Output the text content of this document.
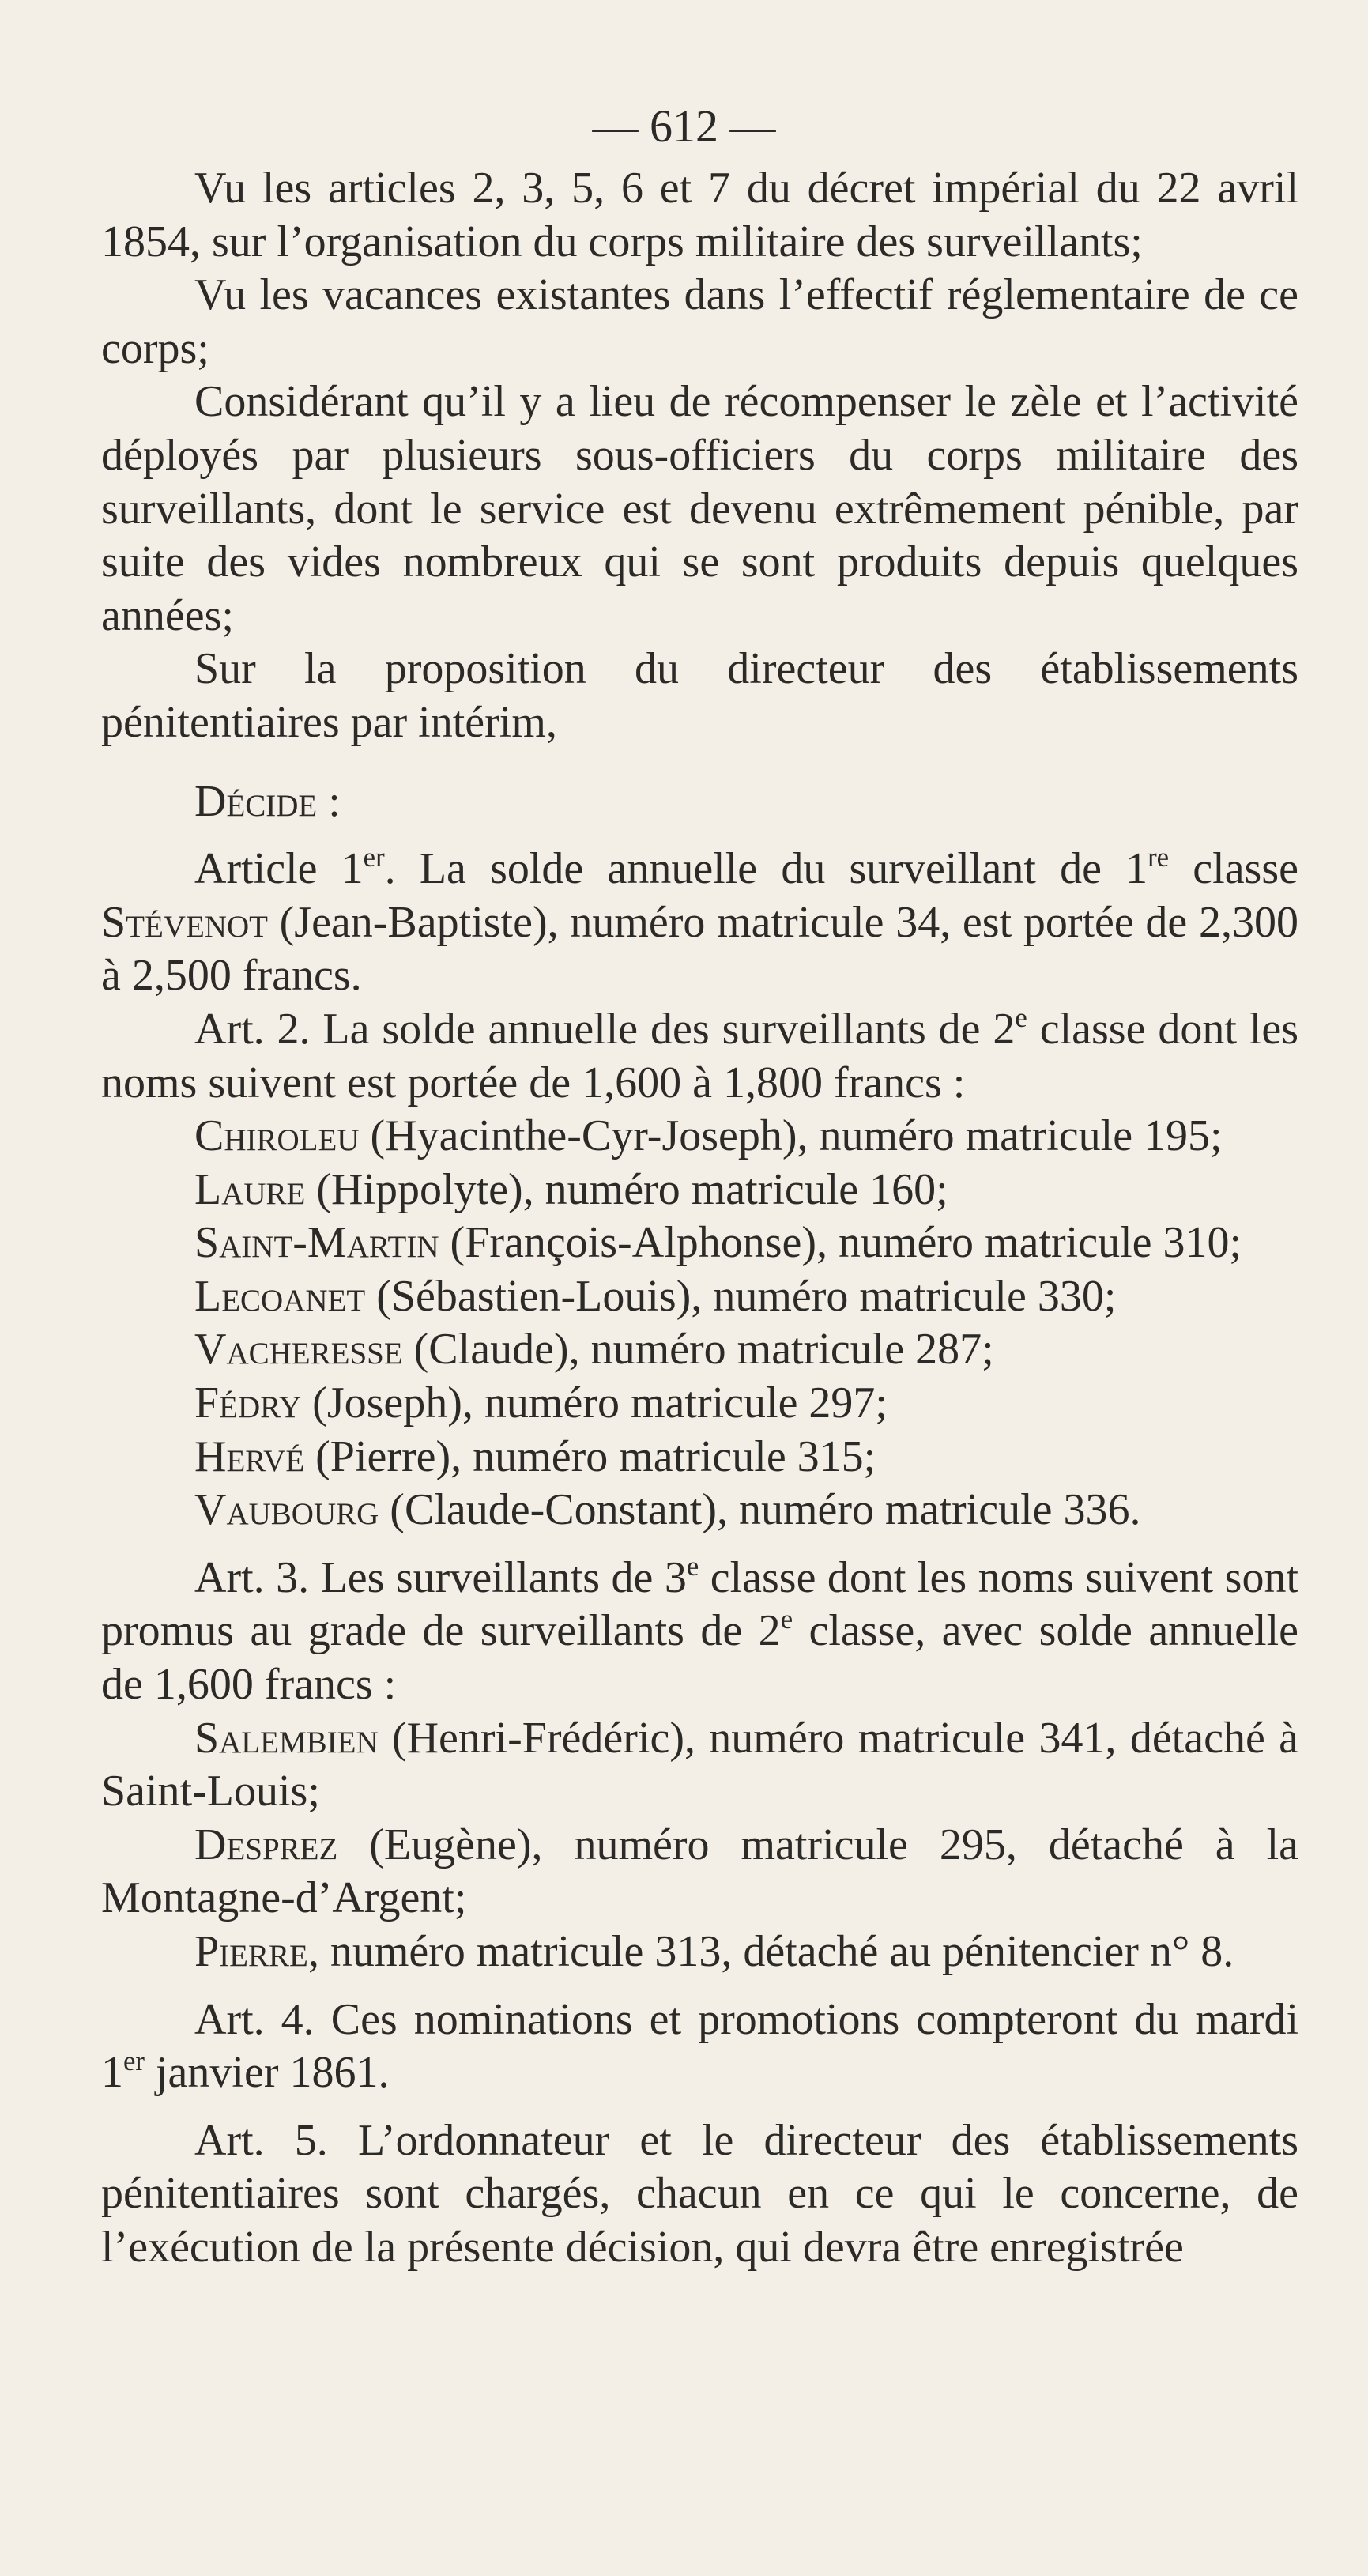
— 612 —

Vu les articles 2, 3, 5, 6 et 7 du décret impérial du 22 avril 1854, sur l’organisation du corps militaire des surveillants;

Vu les vacances existantes dans l’effectif réglementaire de ce corps;

Considérant qu’il y a lieu de récompenser le zèle et l’activité déployés par plusieurs sous-officiers du corps militaire des surveillants, dont le service est devenu extrêmement pénible, par suite des vides nombreux qui se sont produits depuis quelques années;

Sur la proposition du directeur des établissements pénitentiaires par intérim,

Décide :

Article 1er. La solde annuelle du surveillant de 1re classe Stévenot (Jean-Baptiste), numéro matricule 34, est portée de 2,300 à 2,500 francs.

Art. 2. La solde annuelle des surveillants de 2e classe dont les noms suivent est portée de 1,600 à 1,800 francs :

Chiroleu (Hyacinthe-Cyr-Joseph), numéro matricule 195;

Laure (Hippolyte), numéro matricule 160;

Saint-Martin (François-Alphonse), numéro matricule 310;

Lecoanet (Sébastien-Louis), numéro matricule 330;

Vacheresse (Claude), numéro matricule 287;

Fédry (Joseph), numéro matricule 297;

Hervé (Pierre), numéro matricule 315;

Vaubourg (Claude-Constant), numéro matricule 336.

Art. 3. Les surveillants de 3e classe dont les noms suivent sont promus au grade de surveillants de 2e classe, avec solde annuelle de 1,600 francs :

Salembien (Henri-Frédéric), numéro matricule 341, détaché à Saint-Louis;

Desprez (Eugène), numéro matricule 295, détaché à la Montagne-d’Argent;

Pierre, numéro matricule 313, détaché au pénitencier n° 8.

Art. 4. Ces nominations et promotions compteront du mardi 1er janvier 1861.

Art. 5. L’ordonnateur et le directeur des établissements pénitentiaires sont chargés, chacun en ce qui le concerne, de l’exécution de la présente décision, qui devra être enregistrée
